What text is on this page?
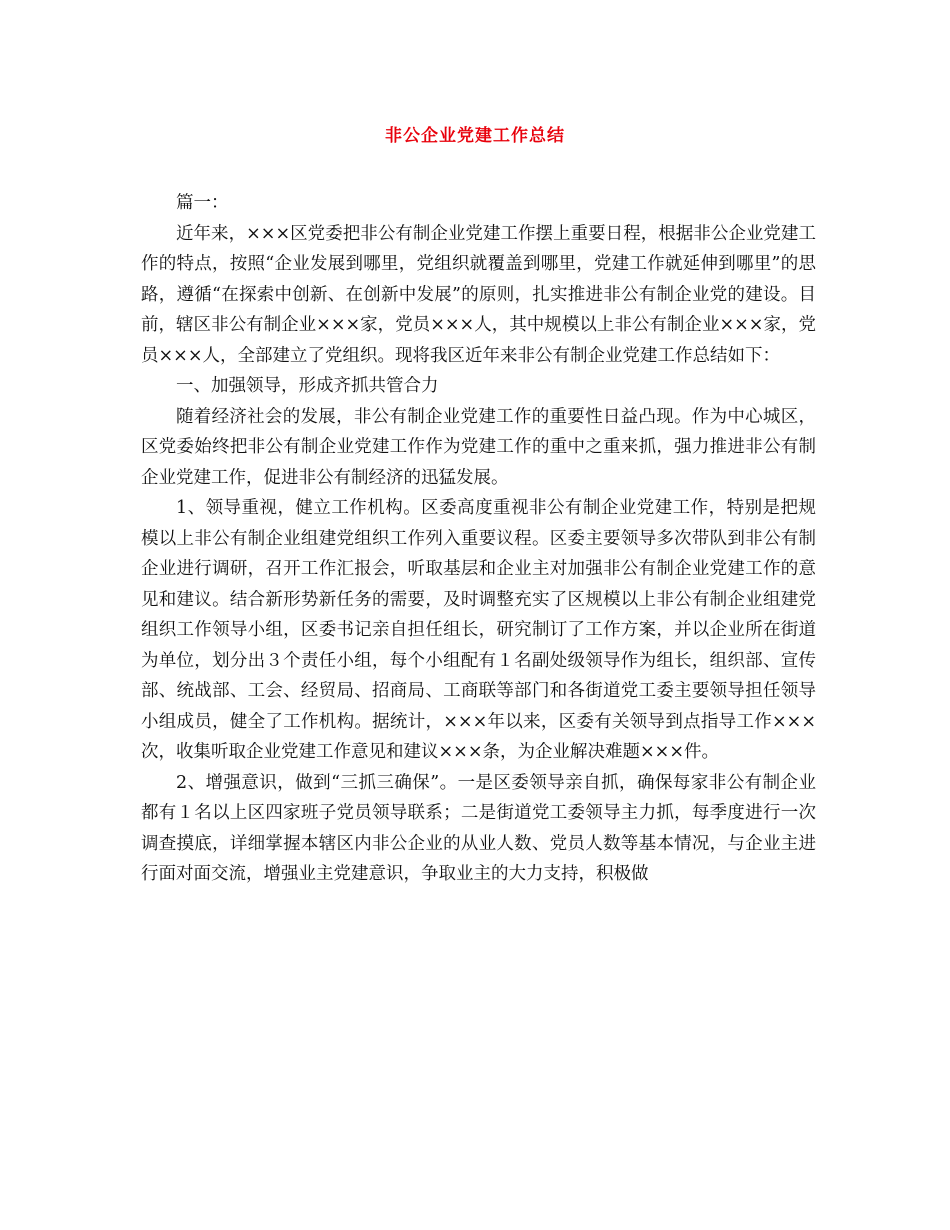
非公企业党建工作总结

篇一：

近年来，×××区党委把非公有制企业党建工作摆上重要日程，根据非公企业党建工作的特点，按照“企业发展到哪里，党组织就覆盖到哪里，党建工作就延伸到哪里”的思路，遵循“在探索中创新、在创新中发展”的原则，扎实推进非公有制企业党的建设。目前，辖区非公有制企业×××家，党员×××人，其中规模以上非公有制企业×××家，党员×××人，全部建立了党组织。现将我区近年来非公有制企业党建工作总结如下：

一、加强领导，形成齐抓共管合力

随着经济社会的发展，非公有制企业党建工作的重要性日益凸现。作为中心城区，区党委始终把非公有制企业党建工作作为党建工作的重中之重来抓，强力推进非公有制企业党建工作，促进非公有制经济的迅猛发展。

1、领导重视，健立工作机构。区委高度重视非公有制企业党建工作，特别是把规模以上非公有制企业组建党组织工作列入重要议程。区委主要领导多次带队到非公有制企业进行调研，召开工作汇报会，听取基层和企业主对加强非公有制企业党建工作的意见和建议。结合新形势新任务的需要，及时调整充实了区规模以上非公有制企业组建党组织工作领导小组，区委书记亲自担任组长，研究制订了工作方案，并以企业所在街道为单位，划分出３个责任小组，每个小组配有１名副处级领导作为组长，组织部、宣传部、统战部、工会、经贸局、招商局、工商联等部门和各街道党工委主要领导担任领导小组成员，健全了工作机构。据统计，×××年以来，区委有关领导到点指导工作×××次，收集听取企业党建工作意见和建议×××条，为企业解决难题×××件。

2、增强意识，做到“三抓三确保”。一是区委领导亲自抓，确保每家非公有制企业都有１名以上区四家班子党员领导联系；二是街道党工委领导主力抓，每季度进行一次调查摸底，详细掌握本辖区内非公企业的从业人数、党员人数等基本情况，与企业主进行面对面交流，增强业主党建意识，争取业主的大力支持，积极做
